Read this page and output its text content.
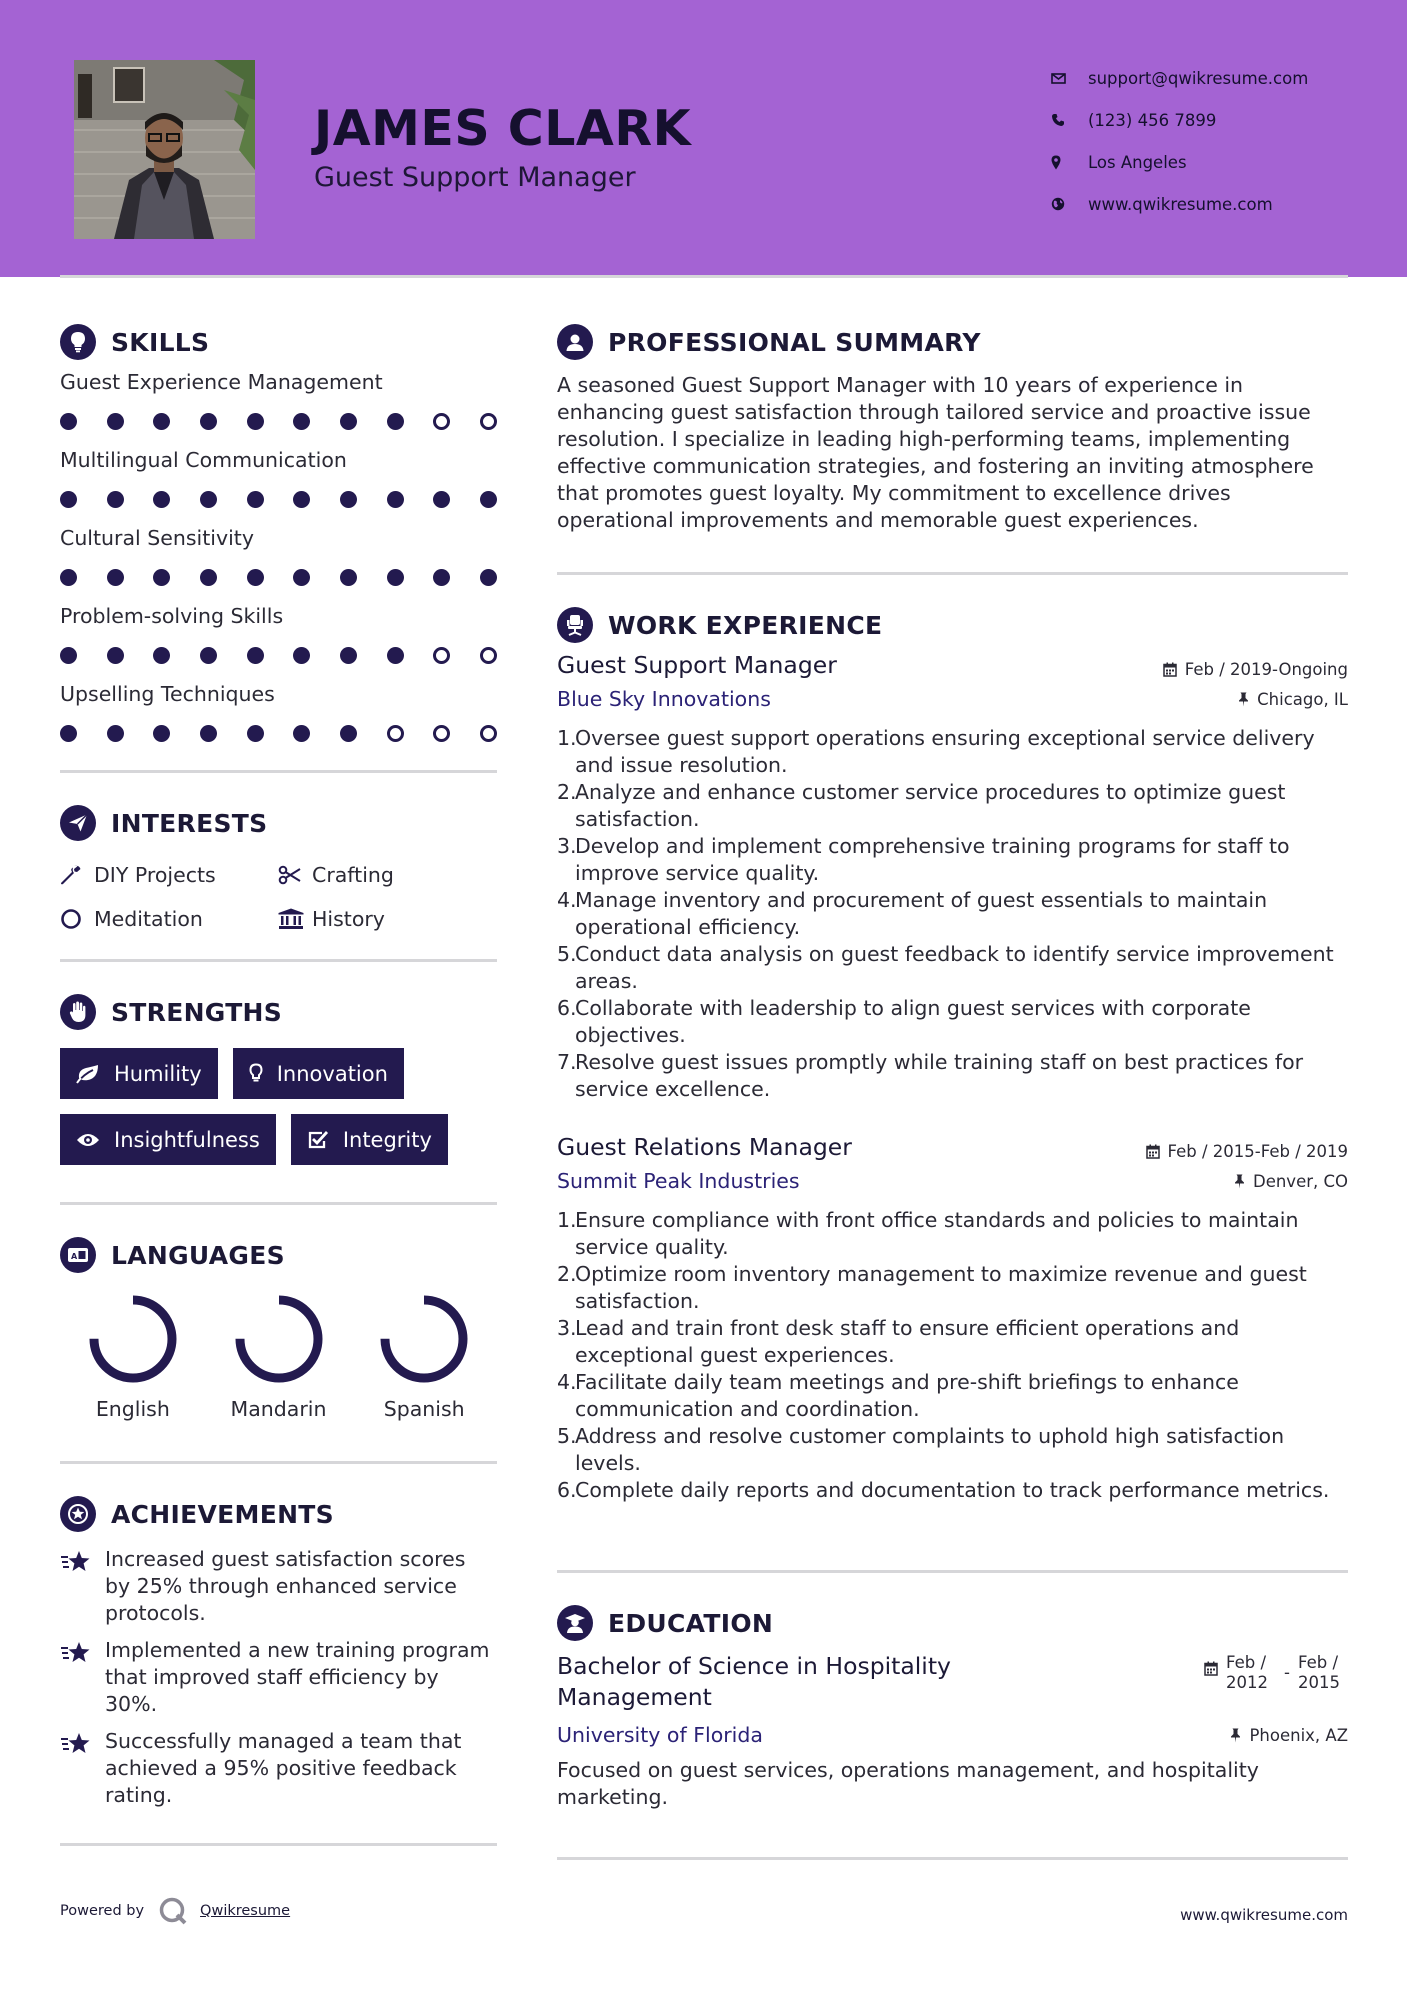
JAMES CLARK
Guest Support Manager
support@qwikresume.com
(123) 456 7899
Los Angeles
www.qwikresume.com
SKILLS
Guest Experience Management
Multilingual Communication
Cultural Sensitivity
Problem-solving Skills
Upselling Techniques
INTERESTS
DIY Projects	Crafting
Meditation	History
STRENGTHS
Humility	Innovation
Insightfulness	Integrity
A LANGUAGES
English	Mandarin	Spanish
ACHIEVEMENTS
Increased guest satisfaction scores by 25% through enhanced service protocols.
Implemented a new training program that improved staff efficiency by 30%.
Successfully managed a team that achieved a 95% positive feedback rating.
PROFESSIONAL SUMMARY

A seasoned Guest Support Manager with 10 years of experience in enhancing guest satisfaction through tailored service and proactive issue resolution. I specialize in leading high-performing teams, implementing effective communication strategies, and fostering an inviting atmosphere that promotes guest loyalty. My commitment to excellence drives operational improvements and memorable guest experiences.

WORK EXPERIENCE
Guest Support Manager	Feb / 2019-Ongoing
Blue Sky Innovations	Chicago, IL
1.
Oversee guest support operations ensuring exceptional service delivery and issue resolution.
2.
Analyze and enhance customer service procedures to optimize guest satisfaction.
3.
Develop and implement comprehensive training programs for staff to improve service quality.
4.
Manage inventory and procurement of guest essentials to maintain operational efficiency.
5.
Conduct data analysis on guest feedback to identify service improvement areas.
6.
Collaborate with leadership to align guest services with corporate objectives.
7.
Resolve guest issues promptly while training staff on best practices for service excellence.
Guest Relations Manager	Feb / 2015-Feb / 2019
Summit Peak Industries	Denver, CO
1.
Ensure compliance with front office standards and policies to maintain service quality.
2.
Optimize room inventory management to maximize revenue and guest satisfaction.
3.
Lead and train front desk staff to ensure efficient operations and exceptional guest experiences.
4.
Facilitate daily team meetings and pre-shift briefings to enhance communication and coordination.
5.
Address and resolve customer complaints to uphold high satisfaction levels.
6.
Complete daily reports and documentation to track performance metrics.
EDUCATION
Bachelor of Science in Hospitality Management
Feb / 2012
-
Feb / 2015
University of Florida	Phoenix, AZ

Focused on guest services, operations management, and hospitality marketing.

Powered by	Qwikresume	www.qwikresume.com
